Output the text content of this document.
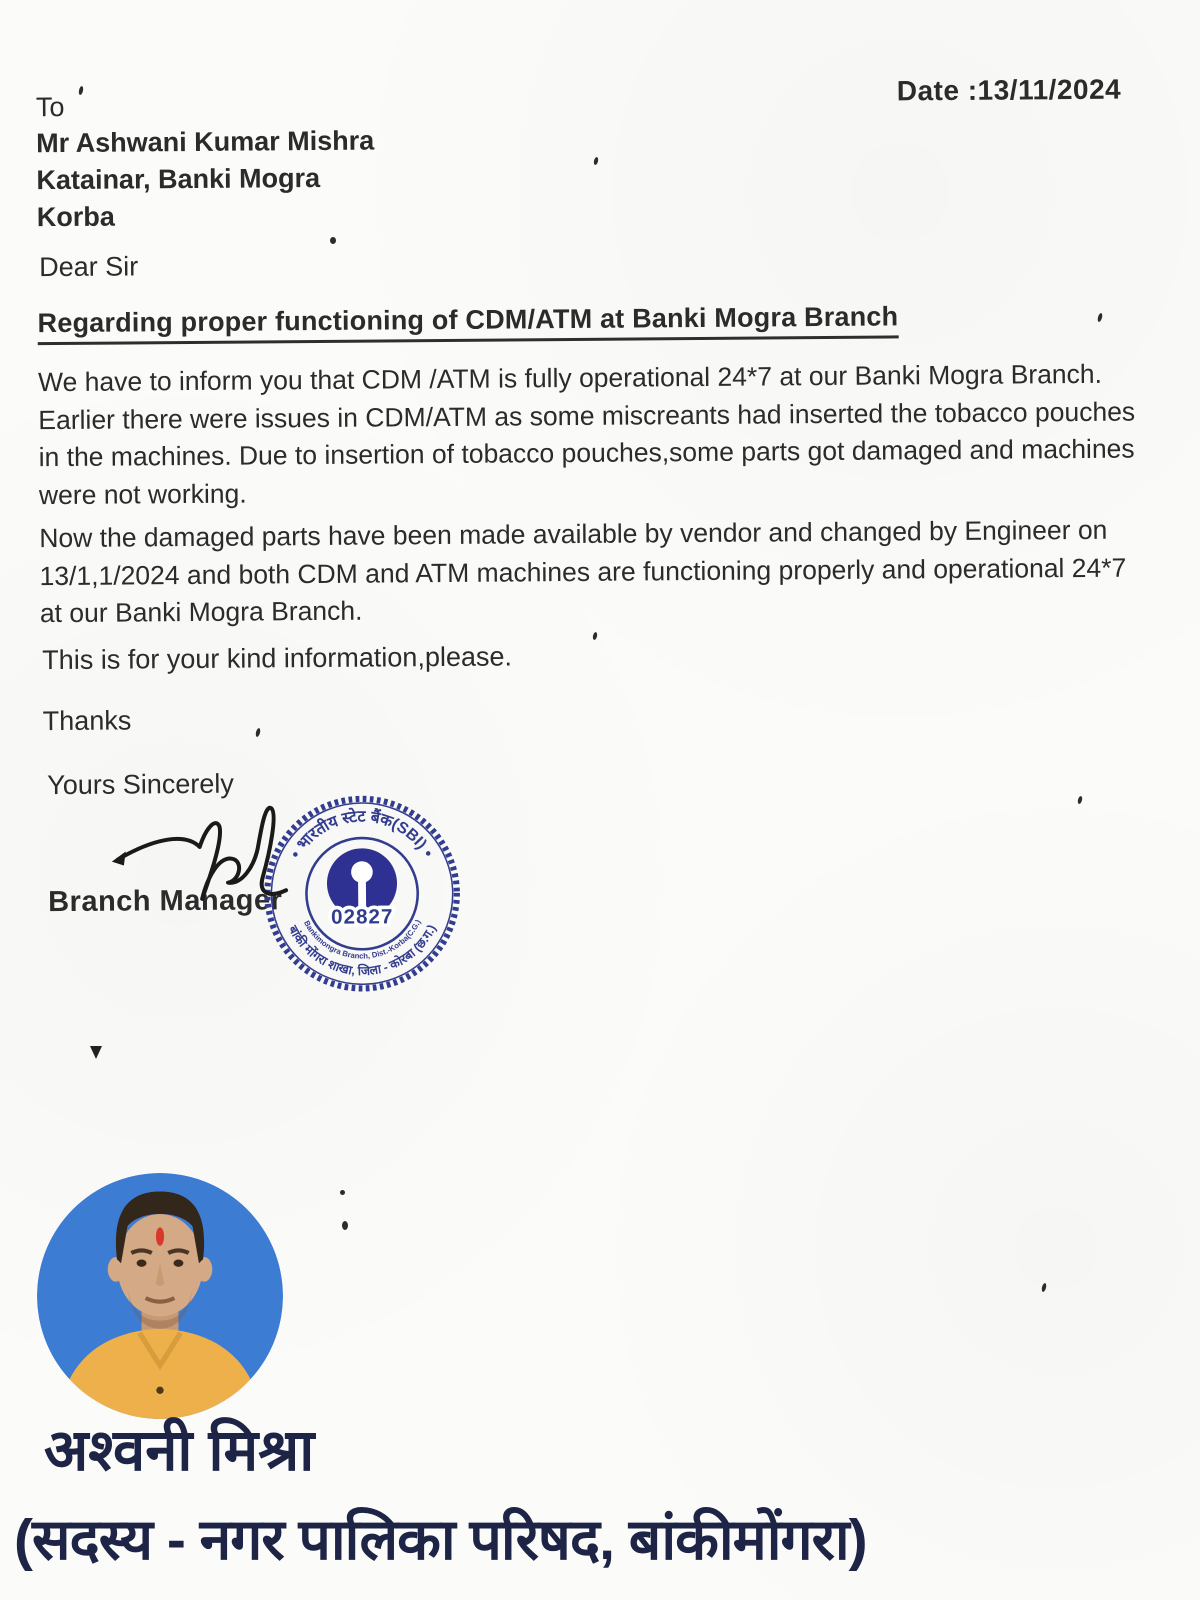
Date :13/11/2024
To
Mr Ashwani Kumar Mishra
Katainar, Banki Mogra
Korba
Dear Sir
Regarding proper functioning of CDM/ATM at Banki Mogra Branch
We have to inform you that CDM /ATM is fully operational 24*7 at our Banki Mogra Branch.
Earlier there were issues in CDM/ATM as some miscreants had inserted the tobacco pouches
in the machines. Due to insertion of tobacco pouches,some parts got damaged and machines
were not working.
Now the damaged parts have been made available by vendor and changed by Engineer on
13/1,1/2024 and both CDM and ATM machines are functioning properly and operational 24*7
at our Banki Mogra Branch.
This is for your kind information,please.
Thanks
Yours Sincerely
Branch Manager
• भारतीय स्टेट बैंक(SBI) •
बांकी मोंगरा शाखा, जिला - कोरबा (छ.ग.)
Bankimongra Branch, Dist.-Korba(C.G.)
02827
अश्वनी मिश्रा
(सदस्य - नगर पालिका परिषद, बांकीमोंगरा)
